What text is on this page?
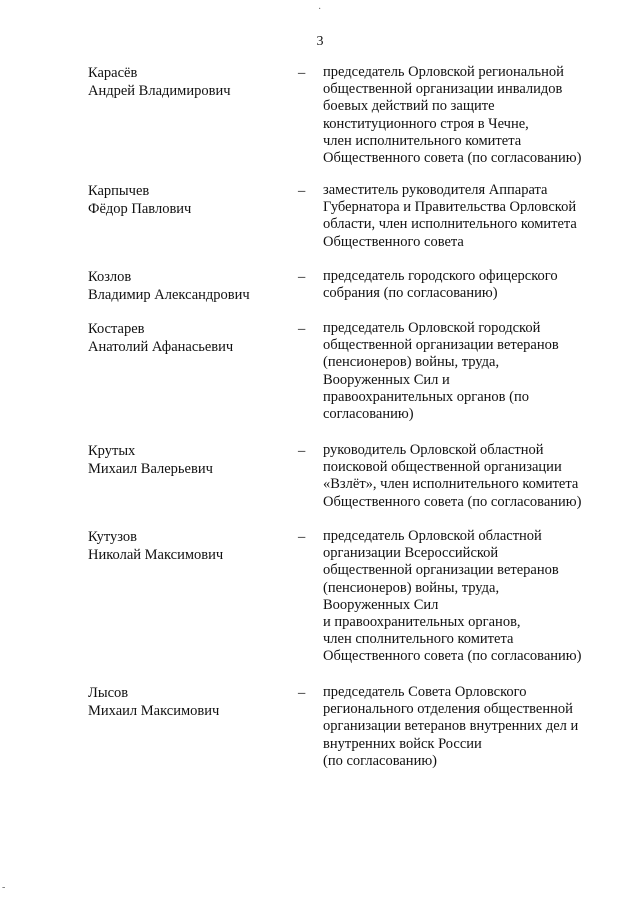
3
Карасёв
Андрей Владимирович
– председатель Орловской региональной
общественной организации инвалидов
боевых действий по защите
конституционного строя в Чечне,
член исполнительного комитета
Общественного совета (по согласованию)
Карпычев
Фёдор Павлович
– заместитель руководителя Аппарата
Губернатора и Правительства Орловской
области, член исполнительного комитета
Общественного совета
Козлов
Владимир Александрович
– председатель городского офицерского
собрания (по согласованию)
Костарев
Анатолий Афанасьевич
– председатель Орловской городской
общественной организации ветеранов
(пенсионеров) войны, труда,
Вооруженных Сил и
правоохранительных органов (по
согласованию)
Крутых
Михаил Валерьевич
– руководитель Орловской областной
поисковой общественной организации
«Взлёт», член исполнительного комитета
Общественного совета (по согласованию)
Кутузов
Николай Максимович
– председатель Орловской областной
организации Всероссийской
общественной организации ветеранов
(пенсионеров) войны, труда,
Вооруженных Сил
и правоохранительных органов,
член сполнительного комитета
Общественного совета (по согласованию)
Лысов
Михаил Максимович
– председатель Совета Орловского
регионального отделения общественной
организации ветеранов внутренних дел и
внутренних войск России
(по согласованию)
·
-
